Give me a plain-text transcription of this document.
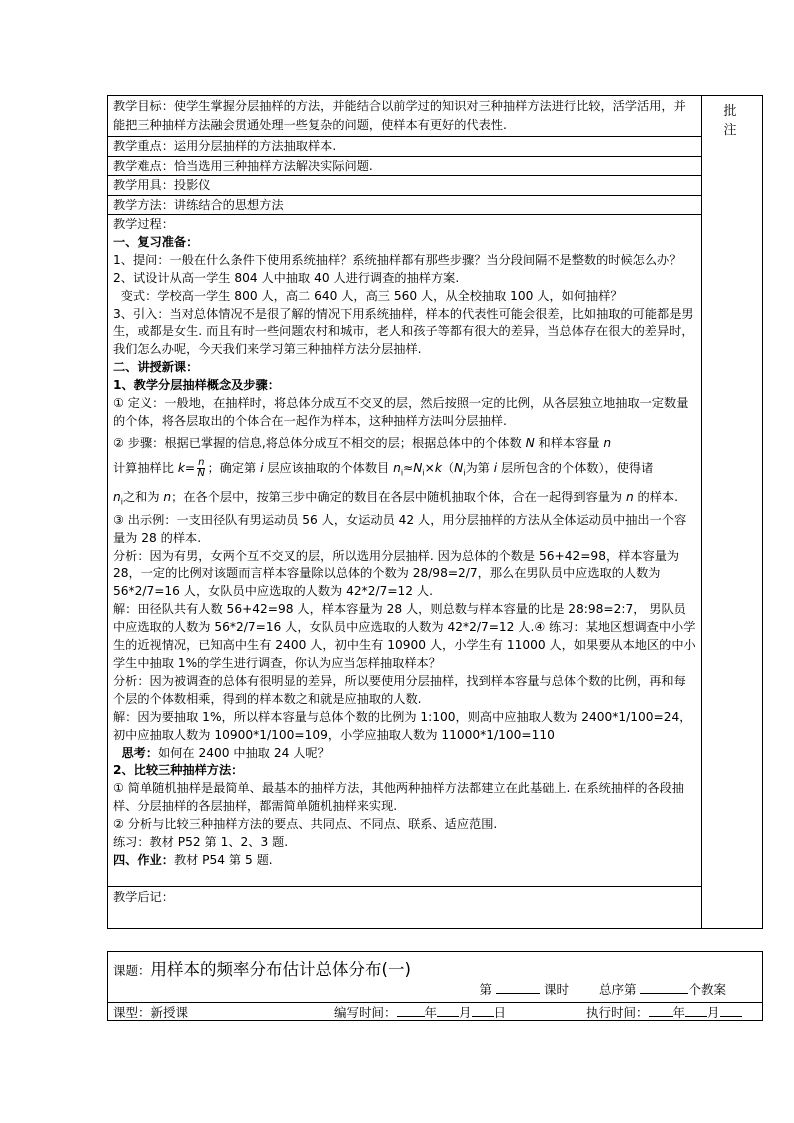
教学目标：使学生掌握分层抽样的方法，并能结合以前学过的知识对三种抽样方法进行比较，活学活用，并能把三种抽样方法融会贯通处理一些复杂的问题，使样本有更好的代表性.
教学重点：运用分层抽样的方法抽取样本.
教学难点：恰当选用三种抽样方法解决实际问题.
教学用具：投影仪
教学方法：讲练结合的思想方法

教学过程：

一、复习准备：

1、提问：一般在什么条件下使用系统抽样？系统抽样都有那些步骤？当分段间隔不是整数的时候怎么办？

2、试设计从高一学生 804 人中抽取 40 人进行调查的抽样方案.

变式：学校高一学生 800 人，高二 640 人，高三 560 人，从全校抽取 100 人，如何抽样？

3、引入：当对总体情况不是很了解的情况下用系统抽样，样本的代表性可能会很差，比如抽取的可能都是男生，或都是女生. 而且有时一些问题农村和城市，老人和孩子等都有很大的差异，当总体存在很大的差异时，我们怎么办呢，今天我们来学习第三种抽样方法分层抽样.

二、讲授新课：

1、教学分层抽样概念及步骤：

① 定义：一般地，在抽样时，将总体分成互不交叉的层，然后按照一定的比例，从各层独立地抽取一定数量的个体，将各层取出的个体合在一起作为样本，这种抽样方法叫分层抽样.

② 步骤：根据已掌握的信息,将总体分成互不相交的层；根据总体中的个体数 N 和样本容量 n
计算抽样比 $k= \frac{n}{N}$ ；确定第 i 层应该抽取的个体数目 $n_i\approx N_i\times k(N_i$为第 i 层所包含的个体数），使得诸
$n_i$之和为 n；在各个层中，按第三步中确定的数目在各层中随机抽取个体，合在一起得到容量为 n 的样本.

③ 出示例：一支田径队有男运动员 56 人，女运动员 42 人，用分层抽样的方法从全体运动员中抽出一个容量为 28 的样本.

分析：因为有男，女两个互不交叉的层，所以选用分层抽样. 因为总体的个数是 56+42=98，样本容量为 28，一定的比例对该题而言样本容量除以总体的个数为 28/98=2/7，那么在男队员中应选取的人数为 56*2/7=16 人，女队员中应选取的人数为 42*2/7=12 人.

解：田径队共有人数 56+42=98 人，样本容量为 28 人，则总数与样本容量的比是 28:98=2:7， 男队员中应选取的人数为 56*2/7=16 人，女队员中应选取的人数为 42*2/7=12 人.④ 练习：某地区想调查中小学生的近视情况，已知高中生有 2400 人，初中生有 10900 人，小学生有 11000 人，如果要从本地区的中小学生中抽取 1%的学生进行调查，你认为应当怎样抽取样本？

分析：因为被调查的总体有很明显的差异，所以要使用分层抽样，找到样本容量与总体个数的比例，再和每个层的个体数相乘，得到的样本数之和就是应抽取的人数.

解：因为要抽取 1%，所以样本容量与总体个数的比例为 1:100，则高中应抽取人数为 2400*1/100=24，初中应抽取人数为 10900*1/100=109，小学应抽取人数为 11000*1/100=110

思考：如何在 2400 中抽取 24 人呢？

2、比较三种抽样方法：

① 简单随机抽样是最简单、最基本的抽样方法，其他两种抽样方法都建立在此基础上. 在系统抽样的各段抽样、分层抽样的各层抽样，都需简单随机抽样来实现.

② 分析与比较三种抽样方法的要点、共同点、不同点、联系、适应范围.

练习：教材 P52 第 1、2、3 题.

四、作业：教材 P54 第 5 题.

教学后记：
批 注
课题：用样本的频率分布估计总体分布(一)
第	课时 总序第	个教案
课型：新授课	编写时间： 年 月 日	执行时间： 年 月
